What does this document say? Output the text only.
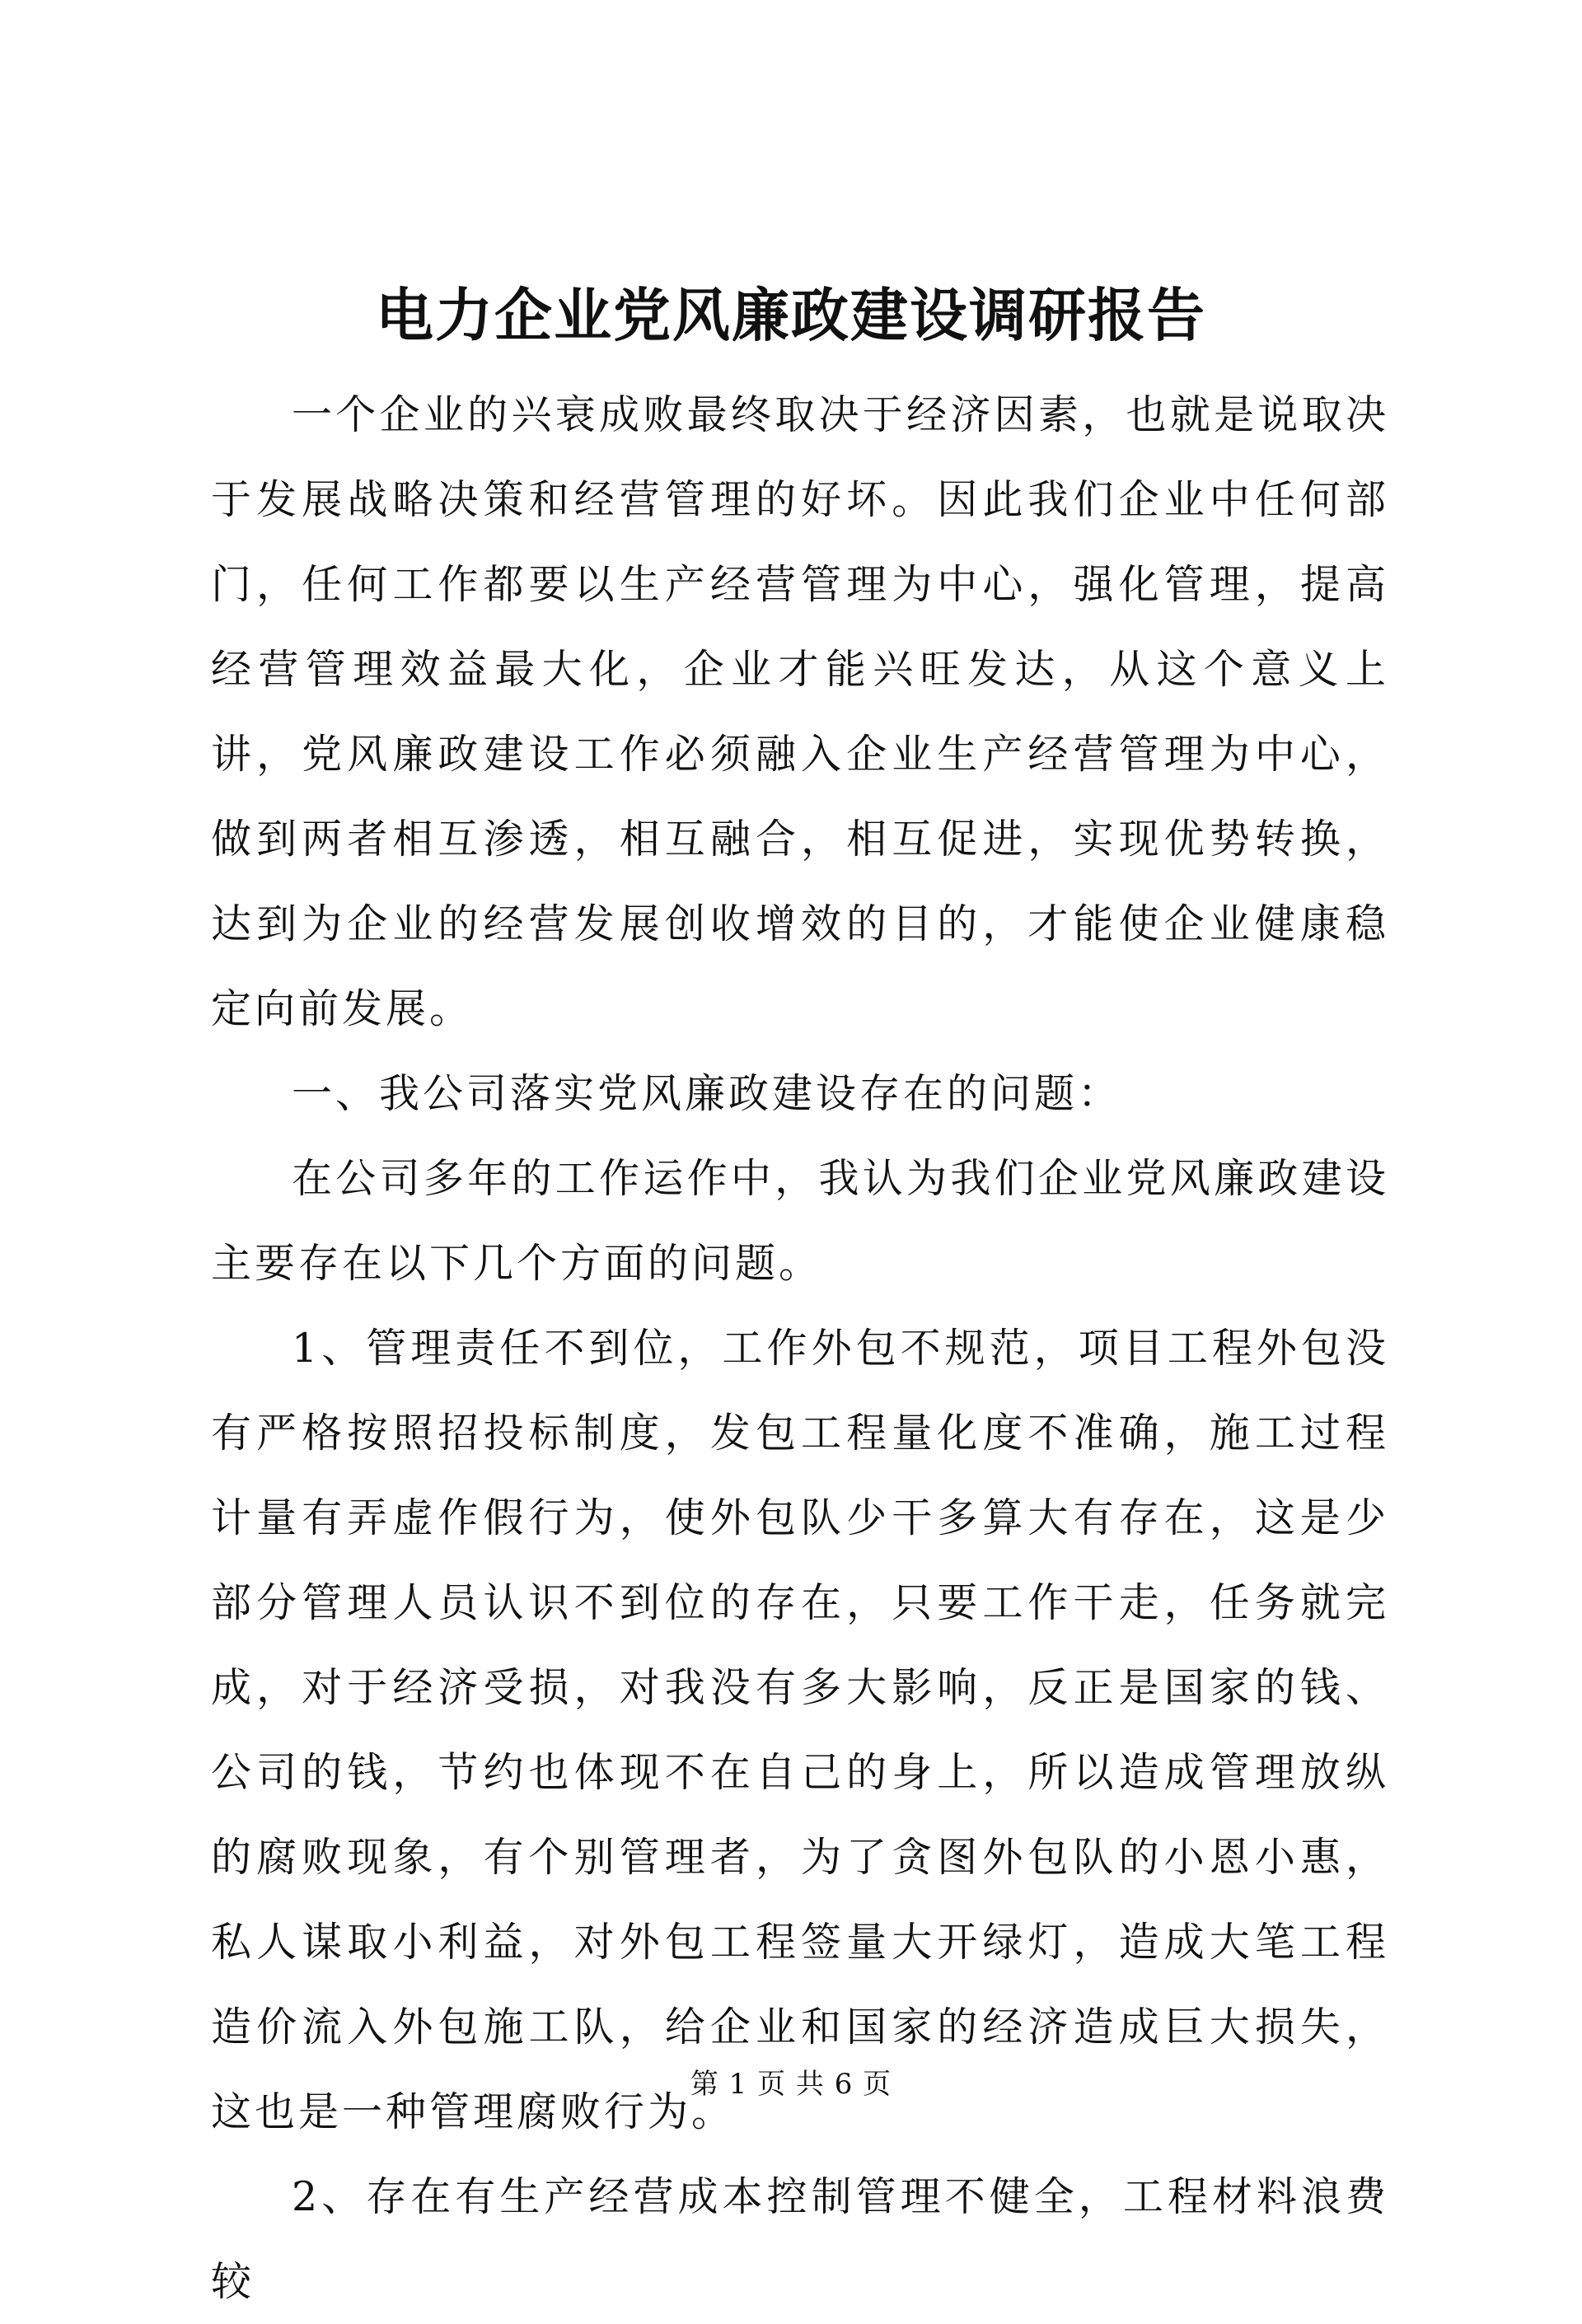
电力企业党风廉政建设调研报告

一个企业的兴衰成败最终取决于经济因素，也就是说取决于发展战略决策和经营管理的好坏。因此我们企业中任何部门，任何工作都要以生产经营管理为中心，强化管理，提高经营管理效益最大化，企业才能兴旺发达，从这个意义上讲，党风廉政建设工作必须融入企业生产经营管理为中心，做到两者相互渗透，相互融合，相互促进，实现优势转换，达到为企业的经营发展创收增效的目的，才能使企业健康稳定向前发展。

一、我公司落实党风廉政建设存在的问题：

在公司多年的工作运作中，我认为我们企业党风廉政建设主要存在以下几个方面的问题。

1、管理责任不到位，工作外包不规范，项目工程外包没有严格按照招投标制度，发包工程量化度不准确，施工过程计量有弄虚作假行为，使外包队少干多算大有存在，这是少部分管理人员认识不到位的存在，只要工作干走，任务就完成，对于经济受损，对我没有多大影响，反正是国家的钱、公司的钱，节约也体现不在自己的身上，所以造成管理放纵的腐败现象，有个别管理者，为了贪图外包队的小恩小惠，私人谋取小利益，对外包工程签量大开绿灯，造成大笔工程造价流入外包施工队，给企业和国家的经济造成巨大损失，这也是一种管理腐败行为。

2、存在有生产经营成本控制管理不健全，工程材料浪费较

第 1 页 共 6 页
